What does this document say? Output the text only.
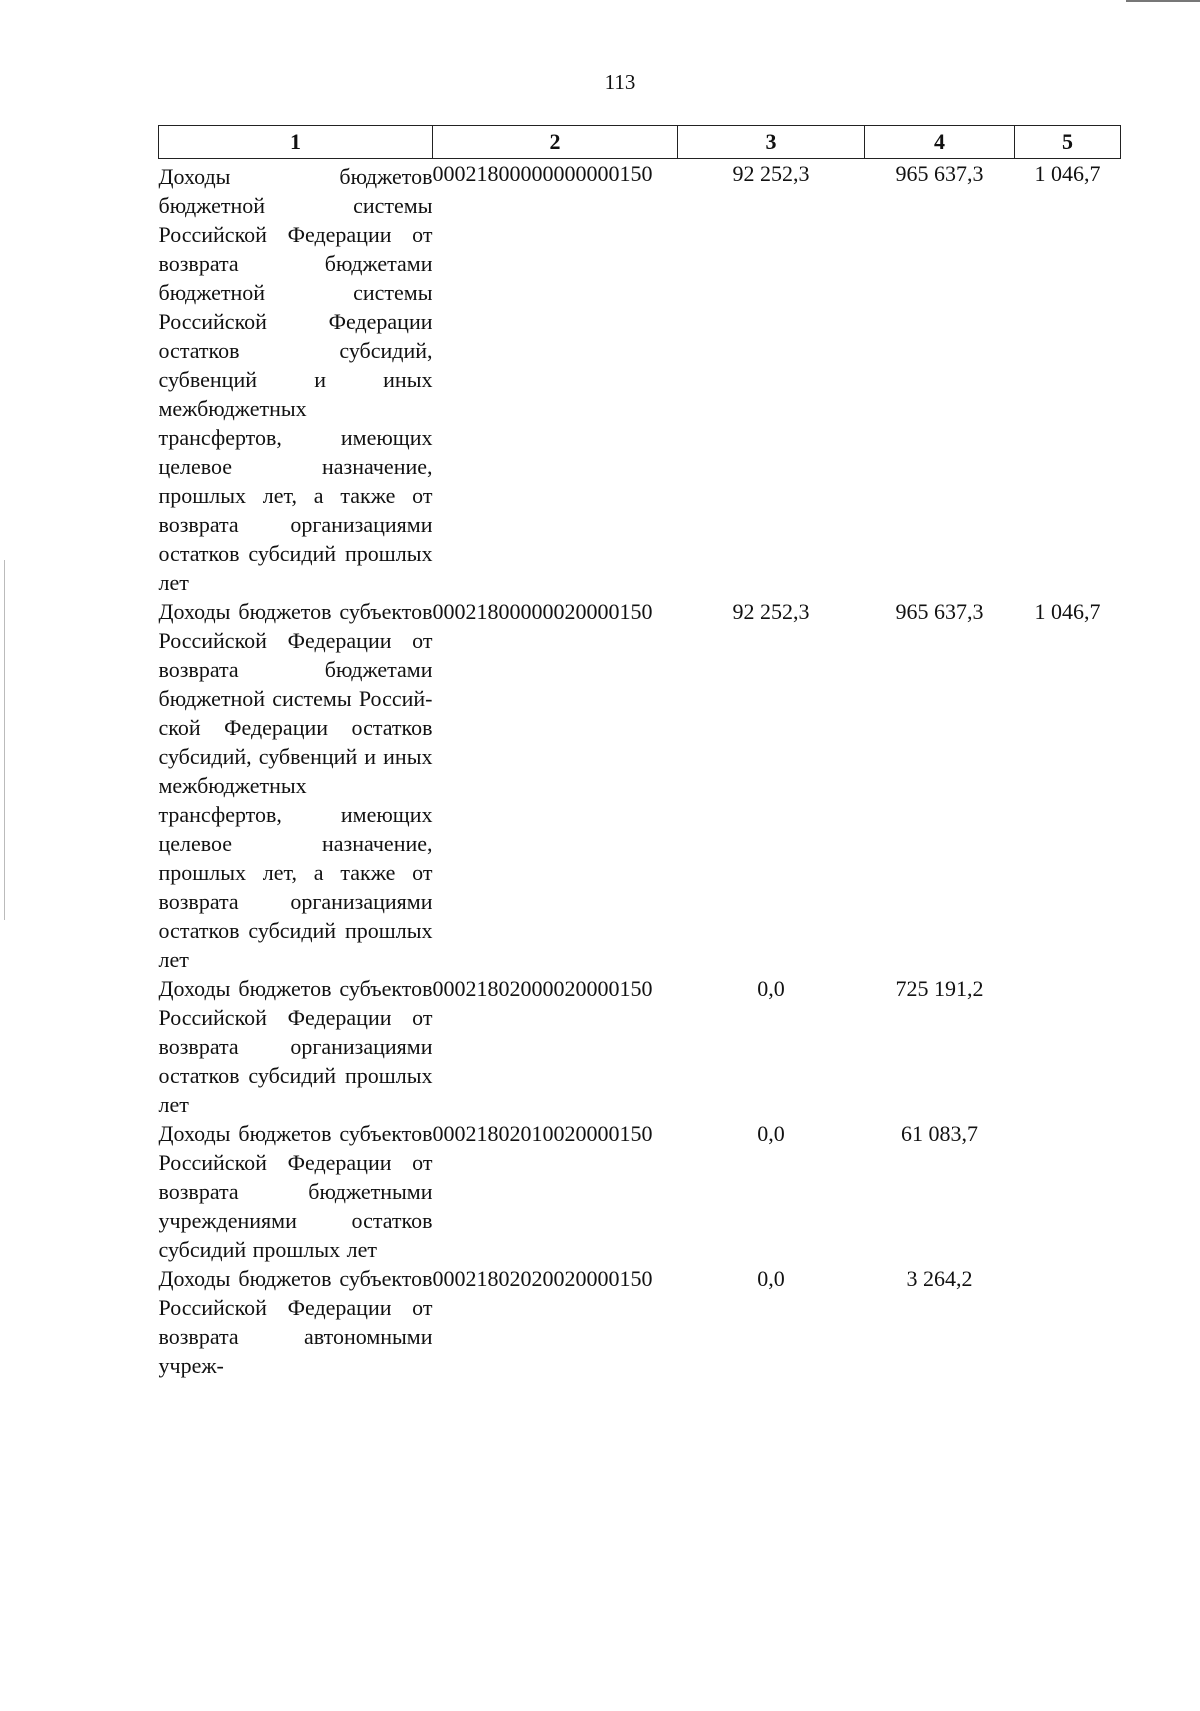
113
1	2	3	4	5
Доходы бюджетов бюджетной системы Российской Федерации от возврата бюджетами бюджетной системы Российской Федерации остатков субсидий, субвенций и иных межбюджетных трансфертов, имеющих целевое назначение, прошлых лет, а также от возврата организациями остатков субсидий прошлых лет	00021800000000000150	92 252,3	965 637,3	1 046,7
Доходы бюджетов субъектов Российской Федерации от возврата бюджетами бюджетной системы Российской Федерации остатков субсидий, субвенций и иных межбюджетных трансфертов, имеющих целевое назначение, прошлых лет, а также от возврата организациями остатков субсидий прошлых лет	00021800000020000150	92 252,3	965 637,3	1 046,7
Доходы бюджетов субъектов Российской Федерации от возврата организациями остатков субсидий прошлых лет	00021802000020000150	0,0	725 191,2	
Доходы бюджетов субъектов Российской Федерации от возврата бюджетными учреждениями остатков субсидий прошлых лет	00021802010020000150	0,0	61 083,7	
Доходы бюджетов субъектов Российской Федерации от возврата автономными учреж-	00021802020020000150	0,0	3 264,2	
